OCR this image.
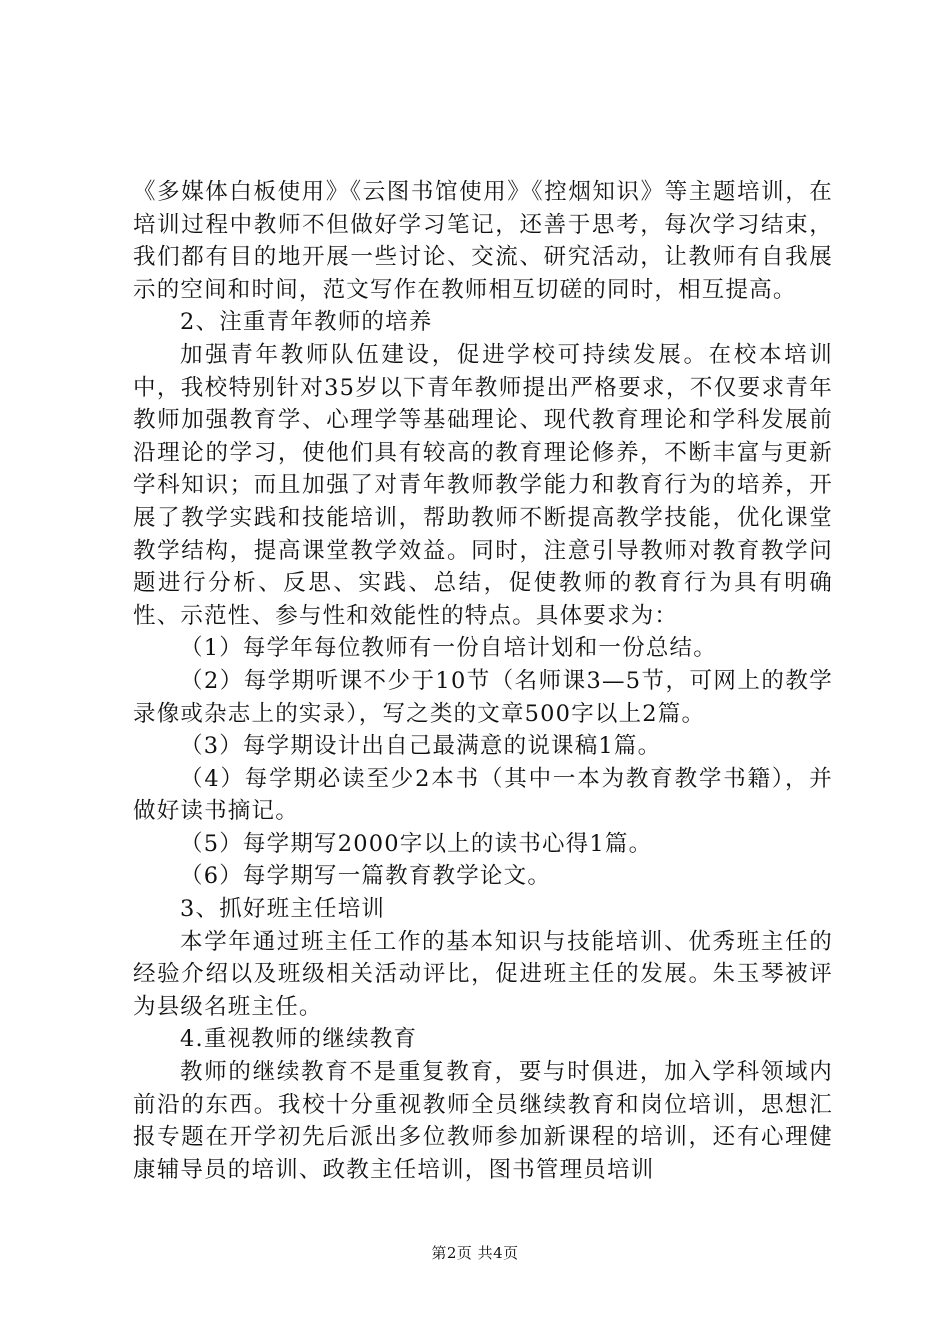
《多媒体白板使用》《云图书馆使用》《控烟知识》等主题培训，在培训过程中教师不但做好学习笔记，还善于思考，每次学习结束，我们都有目的地开展一些讨论、交流、研究活动，让教师有自我展示的空间和时间，范文写作在教师相互切磋的同时，相互提高。

2、注重青年教师的培养

加强青年教师队伍建设，促进学校可持续发展。在校本培训中，我校特别针对35岁以下青年教师提出严格要求，不仅要求青年教师加强教育学、心理学等基础理论、现代教育理论和学科发展前沿理论的学习，使他们具有较高的教育理论修养，不断丰富与更新学科知识；而且加强了对青年教师教学能力和教育行为的培养，开展了教学实践和技能培训，帮助教师不断提高教学技能，优化课堂教学结构，提高课堂教学效益。同时，注意引导教师对教育教学问题进行分析、反思、实践、总结，促使教师的教育行为具有明确性、示范性、参与性和效能性的特点。具体要求为：

（1）每学年每位教师有一份自培计划和一份总结。

（2）每学期听课不少于10节（名师课3—5节，可网上的教学录像或杂志上的实录），写之类的文章500字以上2篇。

（3）每学期设计出自己最满意的说课稿1篇。

（4）每学期必读至少2本书（其中一本为教育教学书籍），并做好读书摘记。

（5）每学期写2000字以上的读书心得1篇。

（6）每学期写一篇教育教学论文。

3、抓好班主任培训

本学年通过班主任工作的基本知识与技能培训、优秀班主任的经验介绍以及班级相关活动评比，促进班主任的发展。朱玉琴被评为县级名班主任。

4.重视教师的继续教育

教师的继续教育不是重复教育，要与时俱进，加入学科领域内前沿的东西。我校十分重视教师全员继续教育和岗位培训，思想汇报专题在开学初先后派出多位教师参加新课程的培训，还有心理健康辅导员的培训、政教主任培训，图书管理员培训

第2页 共4页
